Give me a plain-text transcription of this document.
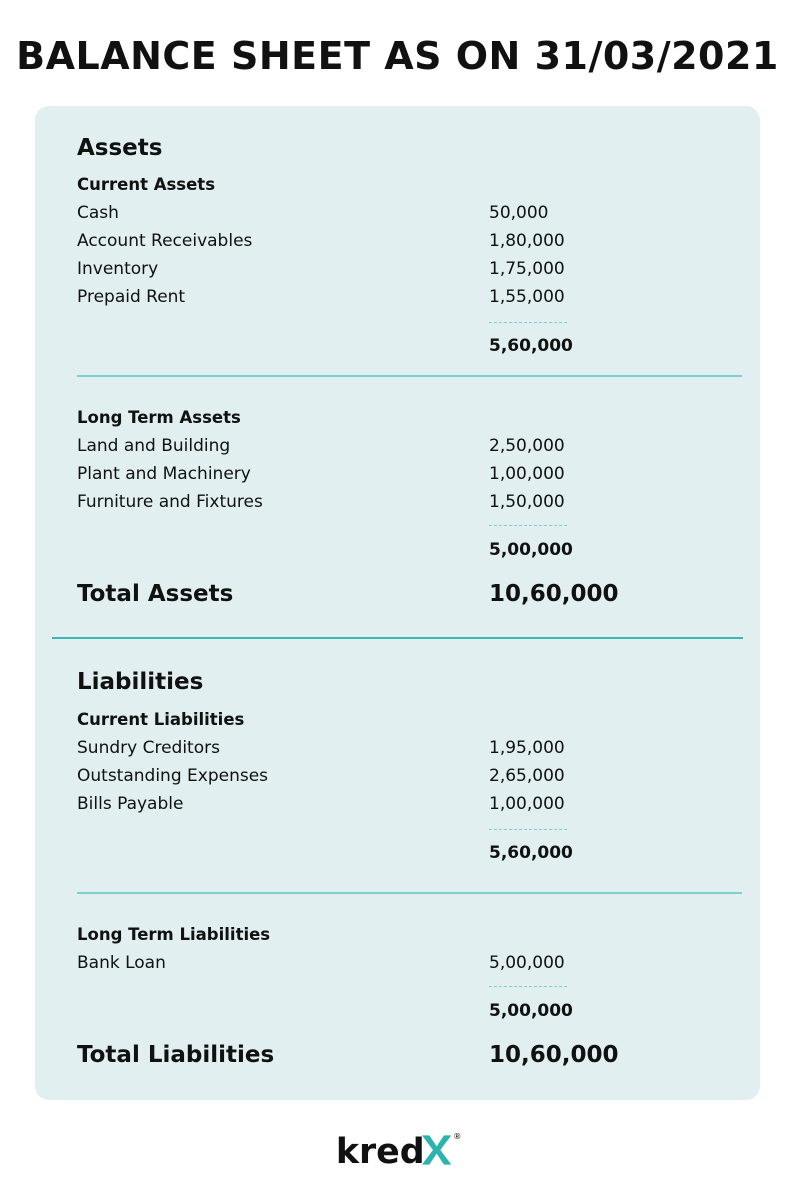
BALANCE SHEET AS ON 31/03/2021
Assets
Current Assets
Cash	50,000
Account Receivables	1,80,000
Inventory	1,75,000
Prepaid Rent	1,55,000
5,60,000
Long Term Assets
Land and Building	2,50,000
Plant and Machinery	1,00,000
Furniture and Fixtures	1,50,000
5,00,000
Total Assets	10,60,000
Liabilities
Current Liabilities
Sundry Creditors	1,95,000
Outstanding Expenses	2,65,000
Bills Payable	1,00,000
5,60,000
Long Term Liabilities
Bank Loan	5,00,000
5,00,000
Total Liabilities	10,60,000
kred	®
